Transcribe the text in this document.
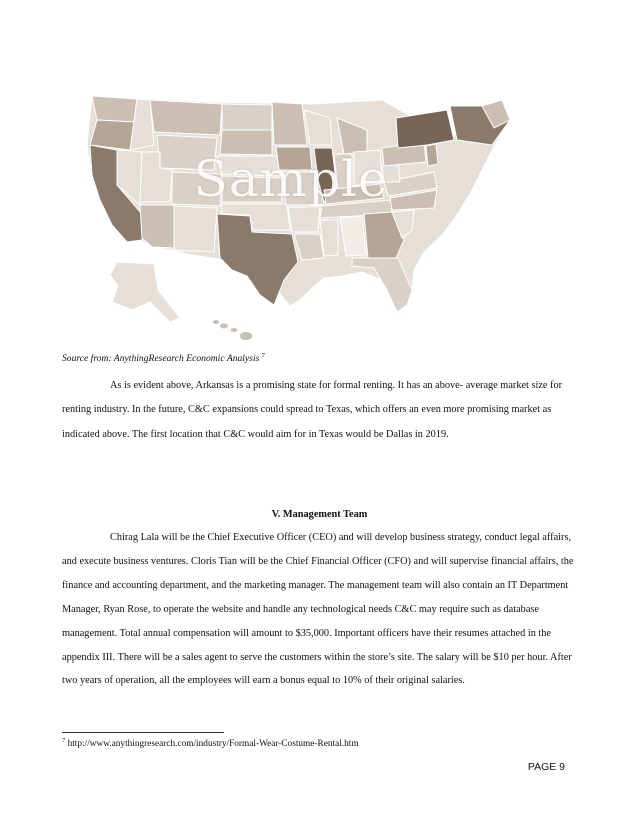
Sample
Source from: AnythingResearch Economic Analysis $^7$
As is evident above, Arkansas is a promising state for formal renting. It has an above- average market size for renting industry. In the future, C&C expansions could spread to Texas, which offers an even more promising market as indicated above. The first location that C&C would aim for in Texas would be Dallas in 2019.
V. Management Team
Chirag Lala will be the Chief Executive Officer (CEO) and will develop business strategy, conduct legal affairs, and execute business ventures. Cloris Tian will be the Chief Financial Officer (CFO) and will supervise financial affairs, the finance and accounting department, and the marketing manager. The management team will also contain an IT Department Manager, Ryan Rose, to operate the website and handle any technological needs C&C may require such as database management. Total annual compensation will amount to $35,000. Important officers have their resumes attached in the appendix III. There will be a sales agent to serve the customers within the store’s site. The salary will be $10 per hour. After two years of operation, all the employees will earn a bonus equal to 10% of their original salaries.
$^7$ http://www.anythingresearch.com/industry/Formal-Wear-Costume-Rental.htm
PAGE 9
